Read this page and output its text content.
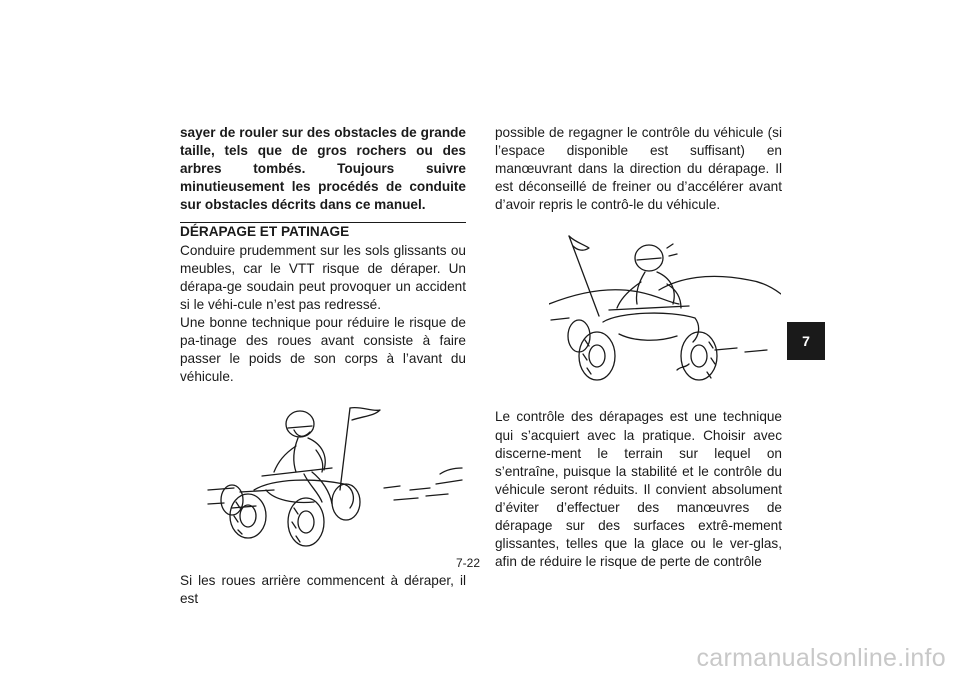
sayer de rouler sur des obstacles de grande taille, tels que de gros rochers ou des arbres tombés. Toujours suivre minutieusement les procédés de conduite sur obstacles décrits dans ce manuel.

DÉRAPAGE ET PATINAGE

Conduire prudemment sur les sols glissants ou meubles, car le VTT risque de déraper. Un dérapa-ge soudain peut provoquer un accident si le véhi-cule n’est pas redressé.

Une bonne technique pour réduire le risque de pa-tinage des roues avant consiste à faire passer le poids de son corps à l’avant du véhicule.

Si les roues arrière commencent à déraper, il est

possible de regagner le contrôle du véhicule (si l’espace disponible est suffisant) en manœuvrant dans la direction du dérapage. Il est déconseillé de freiner ou d’accélérer avant d’avoir repris le contrô-le du véhicule.

Le contrôle des dérapages est une technique qui s’acquiert avec la pratique. Choisir avec discerne-ment le terrain sur lequel on s’entraîne, puisque la stabilité et le contrôle du véhicule seront réduits. Il convient absolument d’éviter d’effectuer des manœuvres de dérapage sur des surfaces extrê-mement glissantes, telles que la glace ou le ver-glas, afin de réduire le risque de perte de contrôle

7
7-22
carmanualsonline.info
